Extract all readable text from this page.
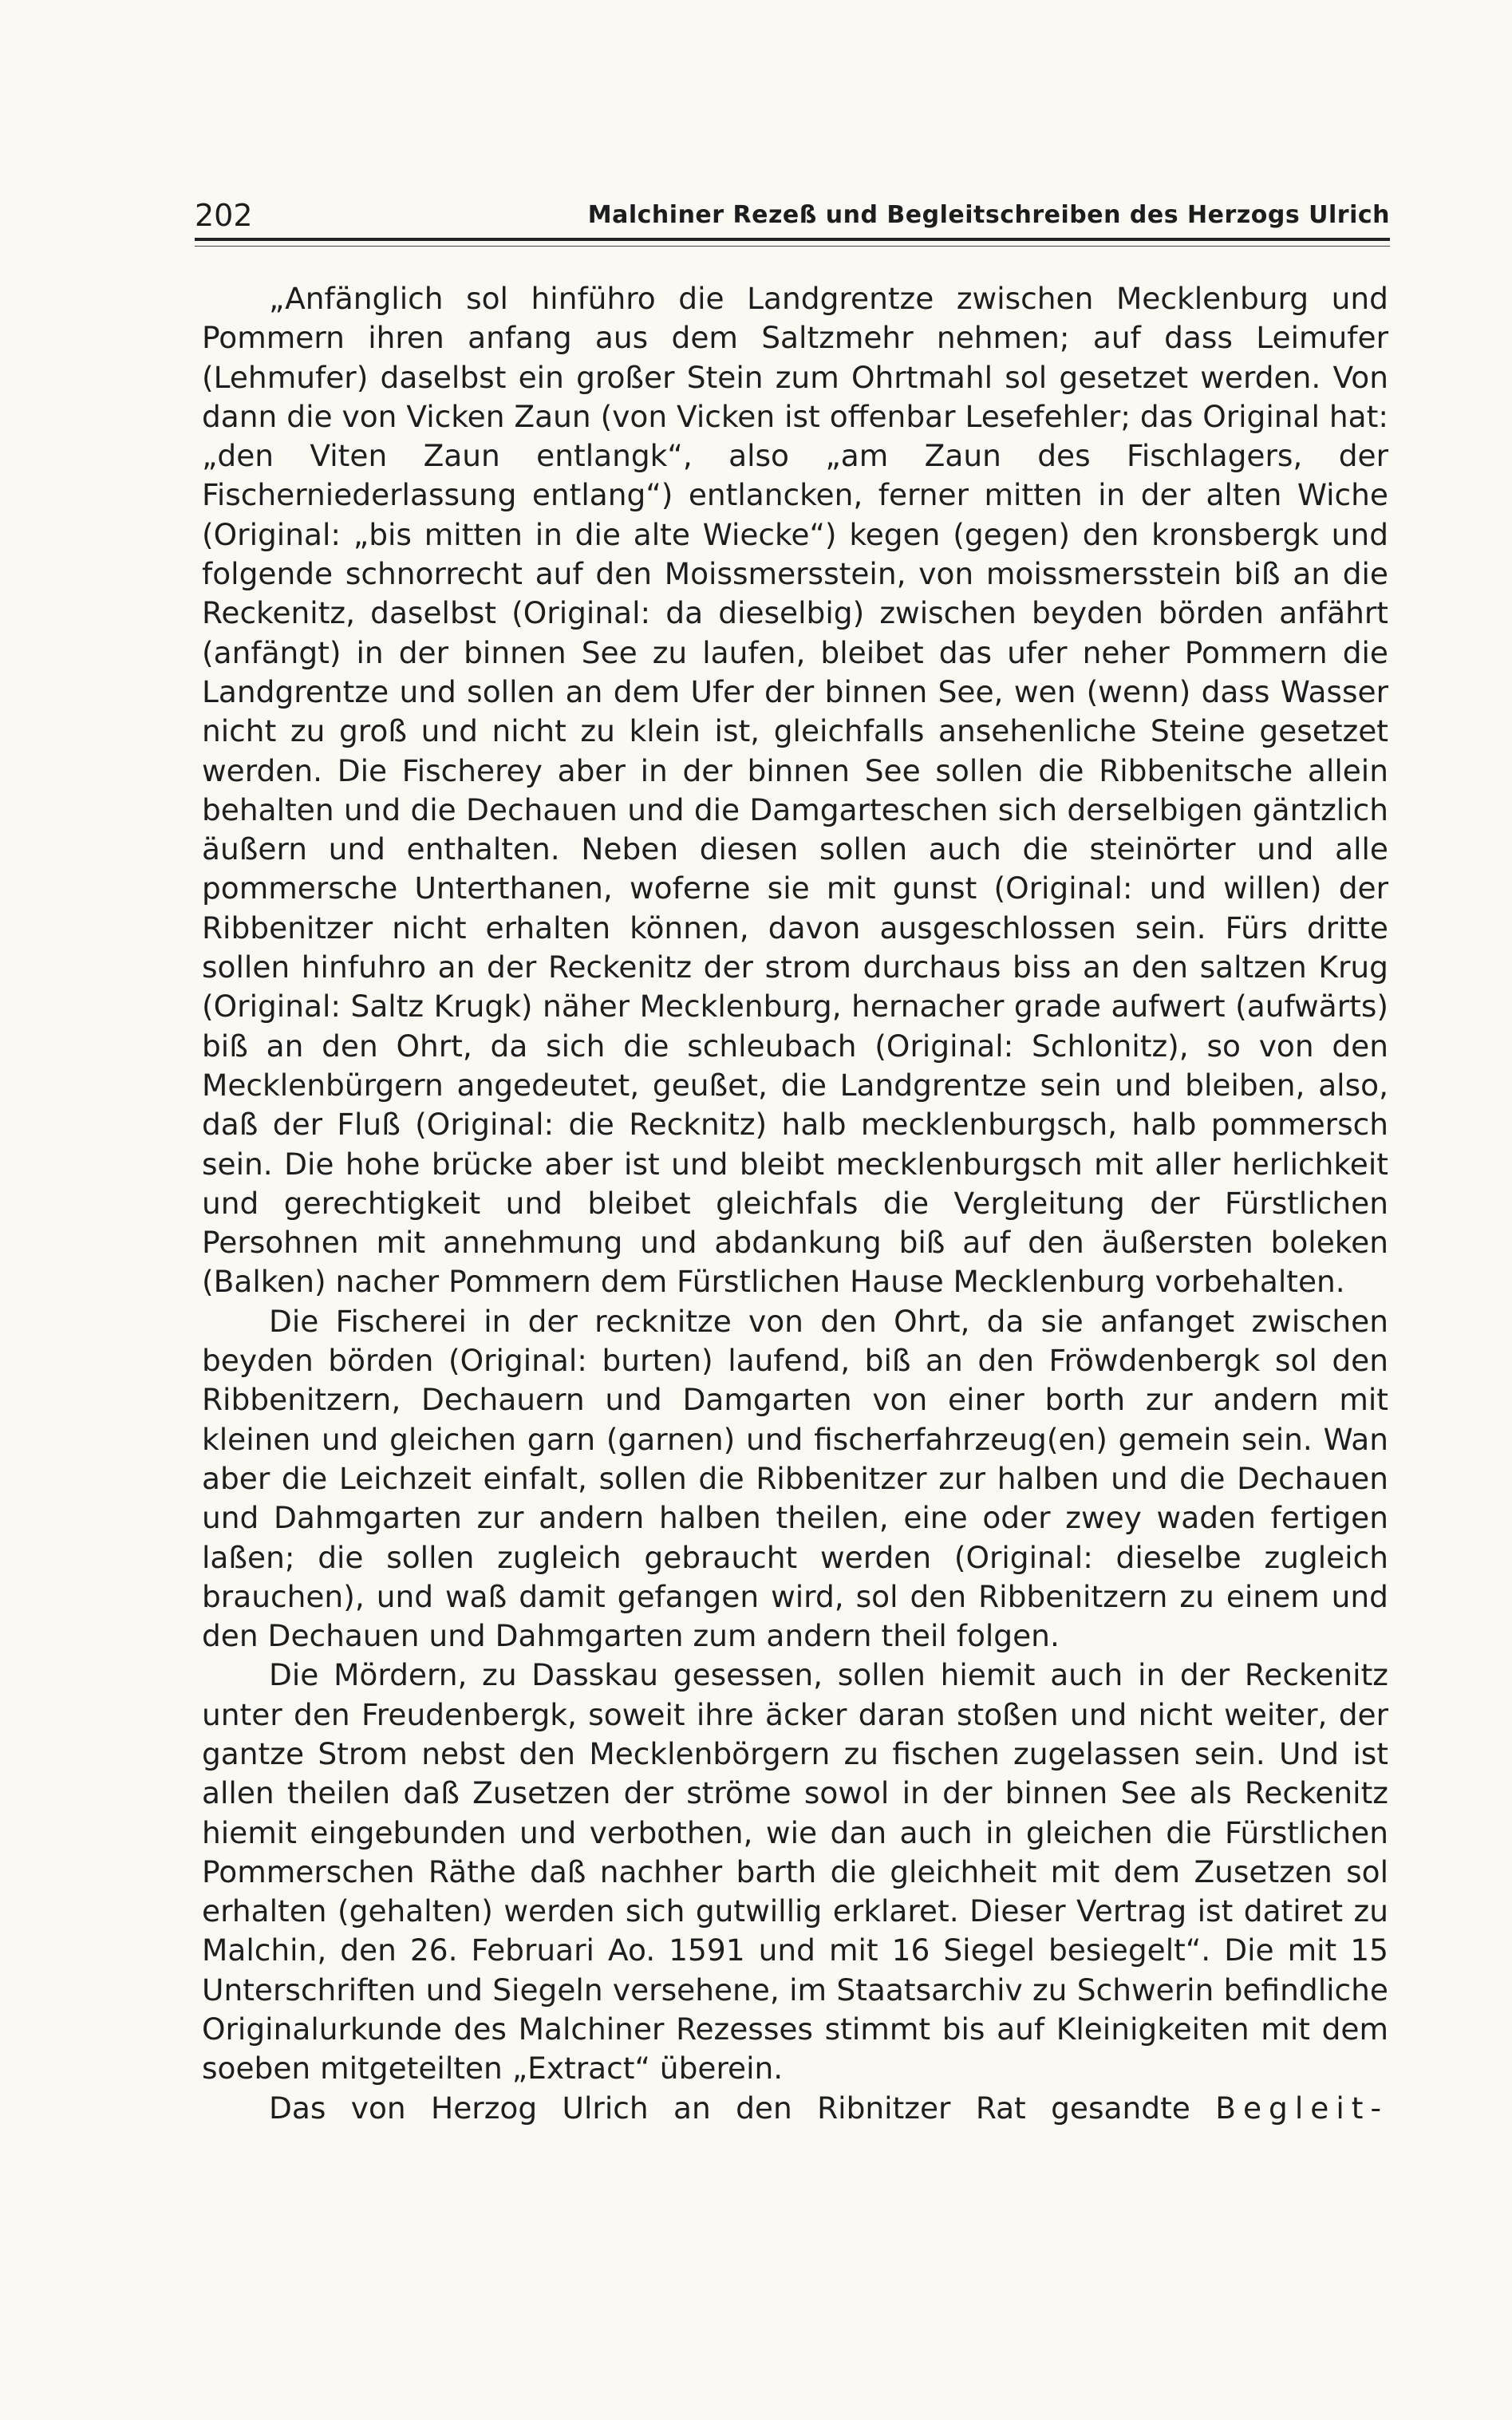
202	Malchiner Rezeß und Begleitschreiben des Herzogs Ulrich

„Anfänglich sol hinführo die Landgrentze zwischen Mecklenburg und Pommern ihren anfang aus dem Saltzmehr nehmen; auf dass Leimufer (Lehmufer) daselbst ein großer Stein zum Ohrtmahl sol gesetzet werden. Von dann die von Vicken Zaun (von Vicken ist offenbar Lesefehler; das Original hat: „den Viten Zaun entlangk“, also „am Zaun des Fischlagers, der Fischerniederlassung entlang“) entlancken, ferner mitten in der alten Wiche (Original: „bis mitten in die alte Wiecke“) kegen (gegen) den kronsbergk und folgende schnorrecht auf den Moissmersstein, von moissmersstein biß an die Reckenitz, daselbst (Original: da dieselbig) zwischen beyden börden anfährt (anfängt) in der binnen See zu laufen, bleibet das ufer neher Pommern die Landgrentze und sollen an dem Ufer der binnen See, wen (wenn) dass Wasser nicht zu groß und nicht zu klein ist, gleichfalls ansehenliche Steine gesetzet werden. Die Fischerey aber in der binnen See sollen die Ribbenitsche allein behalten und die Dechauen und die Damgarteschen sich derselbigen gäntzlich äußern und enthalten. Neben diesen sollen auch die steinörter und alle pommersche Unterthanen, woferne sie mit gunst (Original: und willen) der Ribbenitzer nicht erhalten können, davon ausgeschlossen sein. Fürs dritte sollen hinfuhro an der Reckenitz der strom durchaus biss an den saltzen Krug (Original: Saltz Krugk) näher Mecklenburg, hernacher grade aufwert (aufwärts) biß an den Ohrt, da sich die schleubach (Original: Schlonitz), so von den Mecklenbürgern angedeutet, geußet, die Landgrentze sein und bleiben, also, daß der Fluß (Original: die Recknitz) halb mecklenburgsch, halb pommersch sein. Die hohe brücke aber ist und bleibt mecklenburgsch mit aller herlichkeit und gerechtigkeit und bleibet gleichfals die Vergleitung der Fürstlichen Persohnen mit annehmung und abdankung biß auf den äußersten boleken (Balken) nacher Pommern dem Fürstlichen Hause Mecklenburg vorbehalten.

Die Fischerei in der recknitze von den Ohrt, da sie anfanget zwischen beyden börden (Original: burten) laufend, biß an den Fröwdenbergk sol den Ribbenitzern, Dechauern und Damgarten von einer borth zur andern mit kleinen und gleichen garn (garnen) und fischerfahrzeug(en) gemein sein. Wan aber die Leichzeit einfalt, sollen die Ribbenitzer zur halben und die Dechauen und Dahmgarten zur andern halben theilen, eine oder zwey waden fertigen laßen; die sollen zugleich gebraucht werden (Original: dieselbe zugleich brauchen), und waß damit gefangen wird, sol den Ribbenitzern zu einem und den Dechauen und Dahmgarten zum andern theil folgen.

Die Mördern, zu Dasskau gesessen, sollen hiemit auch in der Reckenitz unter den Freudenbergk, soweit ihre äcker daran stoßen und nicht weiter, der gantze Strom nebst den Mecklenbörgern zu fischen zugelassen sein. Und ist allen theilen daß Zusetzen der ströme sowol in der binnen See als Reckenitz hiemit eingebunden und verbothen, wie dan auch in gleichen die Fürstlichen Pommerschen Räthe daß nachher barth die gleichheit mit dem Zusetzen sol erhalten (gehalten) werden sich gutwillig erklaret. Dieser Vertrag ist datiret zu Malchin, den 26. Februari Ao. 1591 und mit 16 Siegel besiegelt“. Die mit 15 Unterschriften und Siegeln versehene, im Staatsarchiv zu Schwerin befindliche Originalurkunde des Malchiner Rezesses stimmt bis auf Kleinigkeiten mit dem soeben mitgeteilten „Extract“ überein.

Das von Herzog Ulrich an den Ribnitzer Rat gesandte Begleit-
